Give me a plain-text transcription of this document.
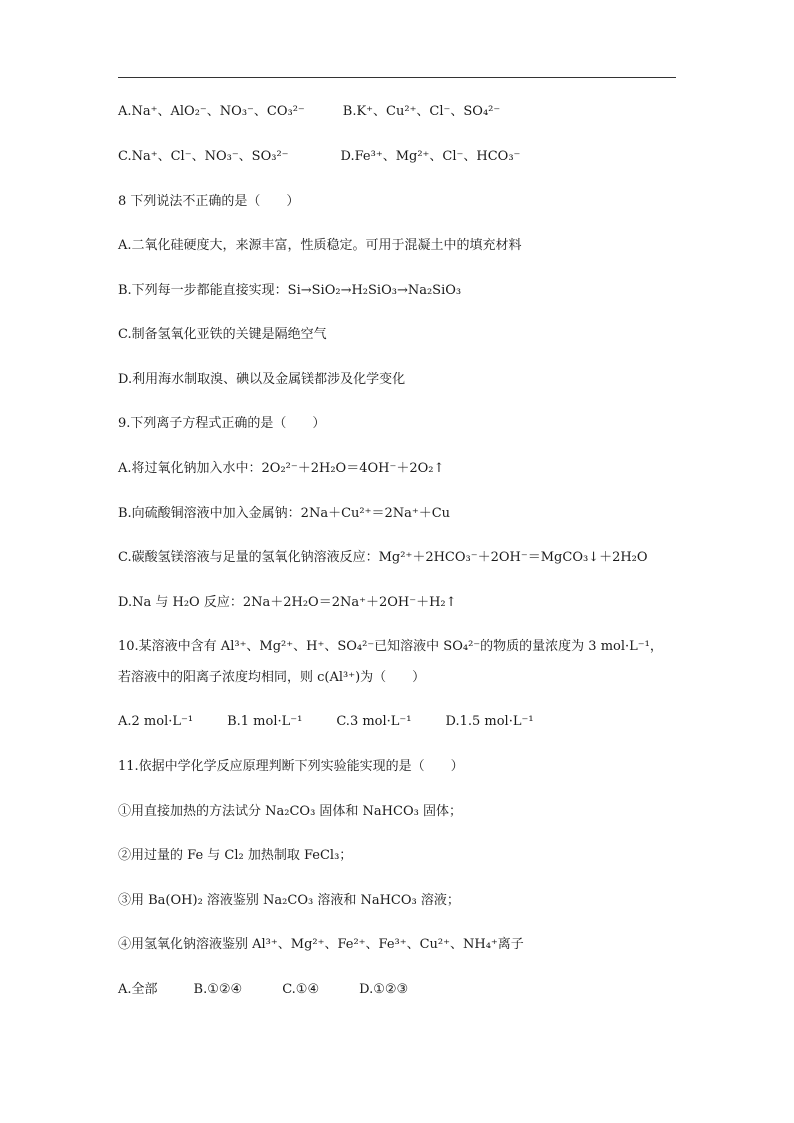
A.Na⁺、AlO₂⁻、NO₃⁻、CO₃²⁻	B.K⁺、Cu²⁺、Cl⁻、SO₄²⁻
C.Na⁺、Cl⁻、NO₃⁻、SO₃²⁻	D.Fe³⁺、Mg²⁺、Cl⁻、HCO₃⁻
8 下列说法不正确的是（　　）
A.二氧化硅硬度大，来源丰富，性质稳定。可用于混凝土中的填充材料
B.下列每一步都能直接实现：Si→SiO₂→H₂SiO₃→Na₂SiO₃
C.制备氢氧化亚铁的关键是隔绝空气
D.利用海水制取溴、碘以及金属镁都涉及化学变化
9.下列离子方程式正确的是（　　）
A.将过氧化钠加入水中：2O₂²⁻＋2H₂O＝4OH⁻＋2O₂↑
B.向硫酸铜溶液中加入金属钠：2Na＋Cu²⁺＝2Na⁺＋Cu
C.碳酸氢镁溶液与足量的氢氧化钠溶液反应：Mg²⁺＋2HCO₃⁻＋2OH⁻＝MgCO₃↓＋2H₂O
D.Na 与 H₂O 反应：2Na＋2H₂O＝2Na⁺＋2OH⁻＋H₂↑
10.某溶液中含有 Al³⁺、Mg²⁺、H⁺、SO₄²⁻已知溶液中 SO₄²⁻的物质的量浓度为 3 mol·L⁻¹，
若溶液中的阳离子浓度均相同，则 c(Al³⁺)为（　　）
A.2 mol·L⁻¹	B.1 mol·L⁻¹	C.3 mol·L⁻¹	D.1.5 mol·L⁻¹
11.依据中学化学反应原理判断下列实验能实现的是（　　）
①用直接加热的方法试分 Na₂CO₃ 固体和 NaHCO₃ 固体；
②用过量的 Fe 与 Cl₂ 加热制取 FeCl₃；
③用 Ba(OH)₂ 溶液鉴别 Na₂CO₃ 溶液和 NaHCO₃ 溶液；
④用氢氧化钠溶液鉴别 Al³⁺、Mg²⁺、Fe²⁺、Fe³⁺、Cu²⁺、NH₄⁺离子
A.全部	B.①②④	C.①④	D.①②③
